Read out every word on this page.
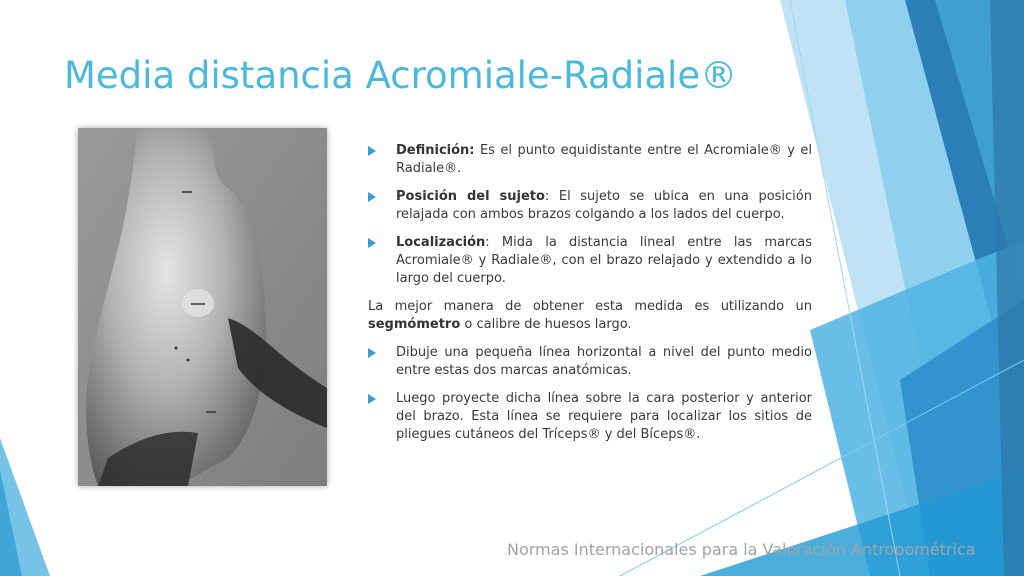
Media distancia Acromiale-Radiale®
Definición: Es el punto equidistante entre el Acromiale® y el Radiale®.
Posición del sujeto: El sujeto se ubica en una posición relajada con ambos brazos colgando a los lados del cuerpo.
Localización: Mida la distancia lineal entre las marcas Acromiale® y Radiale®, con el brazo relajado y extendido a lo largo del cuerpo.
La mejor manera de obtener esta medida es utilizando un segmómetro o calibre de huesos largo.
Dibuje una pequeña línea horizontal a nivel del punto medio entre estas dos marcas anatómicas.
Luego proyecte dicha línea sobre la cara posterior y anterior del brazo. Esta línea se requiere para localizar los sitios de pliegues cutáneos del Tríceps® y del Bíceps®.
Normas Internacionales para la Valoración Antropométrica
